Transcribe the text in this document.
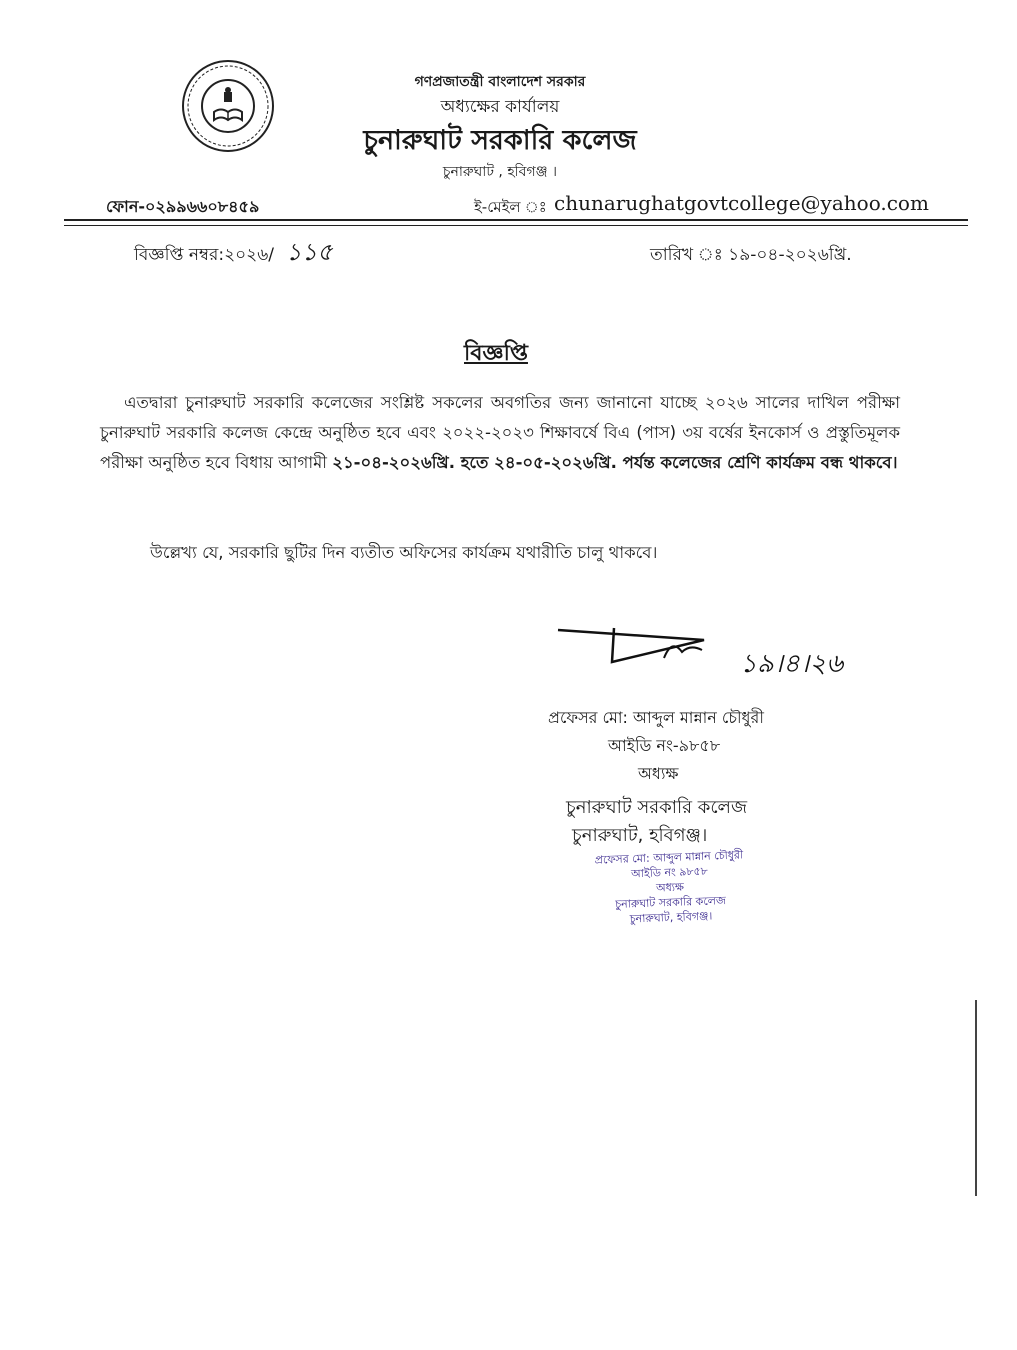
গণপ্রজাতন্ত্রী বাংলাদেশ সরকার
অধ্যক্ষের কার্যালয়
চুনারুঘাট সরকারি কলেজ
চুনারুঘাট , হবিগঞ্জ ।
ফোন-০২৯৯৬৬০৮৪৫৯	ই-মেইল ঃ chunarughatgovtcollege@yahoo.com
বিজ্ঞপ্তি নম্বর:২০২৬/ ১১৫	তারিখ ঃ ১৯-০৪-২০২৬খ্রি.
বিজ্ঞপ্তি
এতদ্বারা চুনারুঘাট সরকারি কলেজের সংশ্লিষ্ট সকলের অবগতির জন্য জানানো যাচ্ছে ২০২৬ সালের দাখিল পরীক্ষা চুনারুঘাট সরকারি কলেজ কেন্দ্রে অনুষ্ঠিত হবে এবং ২০২২-২০২৩ শিক্ষাবর্ষে বিএ (পাস) ৩য় বর্ষের ইনকোর্স ও প্রস্তুতিমূলক পরীক্ষা অনুষ্ঠিত হবে বিধায় আগামী ২১-০৪-২০২৬খ্রি. হতে ২৪-০৫-২০২৬খ্রি. পর্যন্ত কলেজের শ্রেণি কার্যক্রম বন্ধ থাকবে।
উল্লেখ্য যে, সরকারি ছুটির দিন ব্যতীত অফিসের কার্যক্রম যথারীতি চালু থাকবে।
১৯।৪।২৬
প্রফেসর মো: আব্দুল মান্নান চৌধুরী
আইডি নং-৯৮৫৮
অধ্যক্ষ
চুনারুঘাট সরকারি কলেজ
চুনারুঘাট, হবিগঞ্জ।
প্রফেসর মো: আব্দুল মান্নান চৌধুরী
আইডি নং ৯৮৫৮
অধ্যক্ষ
চুনারুঘাট সরকারি কলেজ
চুনারুঘাট, হবিগঞ্জ।
